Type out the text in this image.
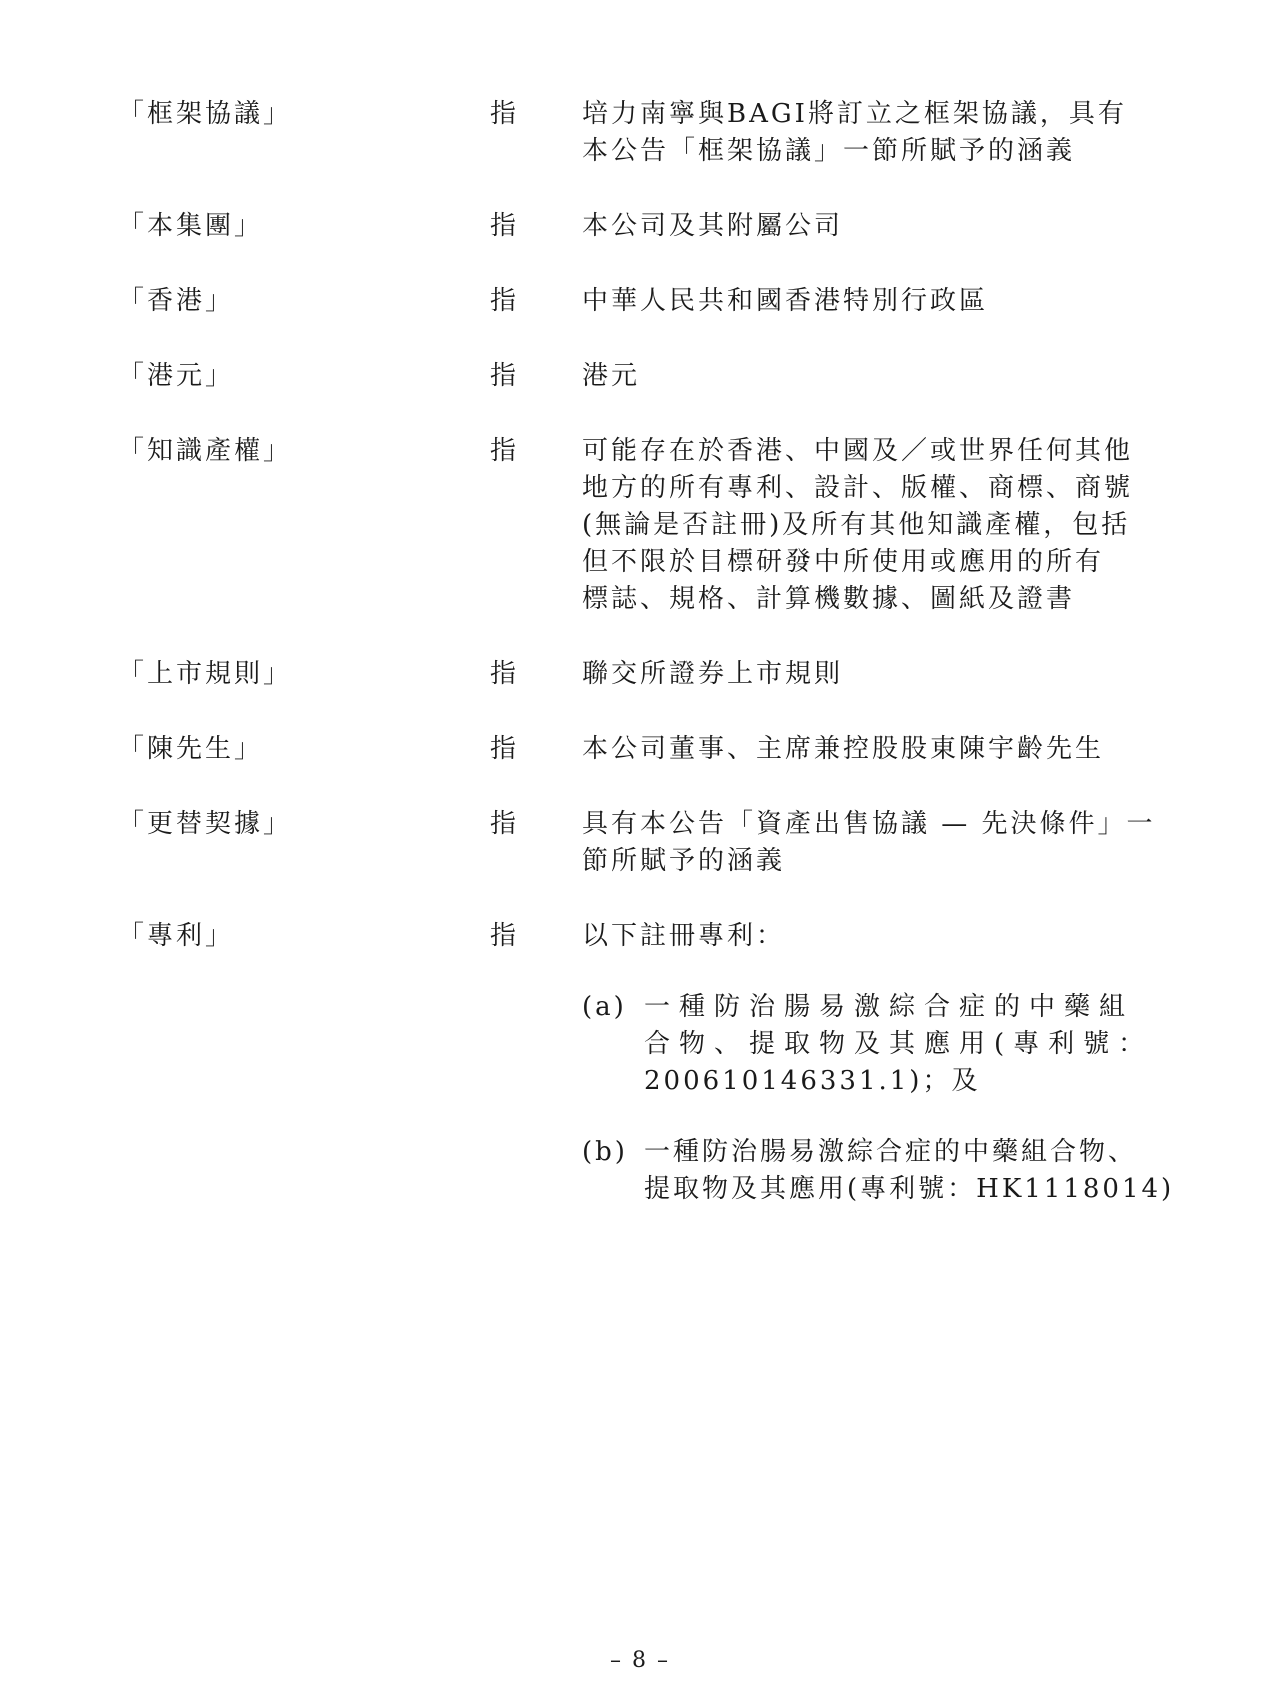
「框架協議」	指	培力南寧與BAGI將訂立之框架協議，具有
本公告「框架協議」一節所賦予的涵義
「本集團」	指	本公司及其附屬公司
「香港」	指	中華人民共和國香港特別行政區
「港元」	指	港元
「知識產權」	指	可能存在於香港、中國及／或世界任何其他
地方的所有專利、設計、版權、商標、商號
(無論是否註冊)及所有其他知識產權，包括
但不限於目標研發中所使用或應用的所有
標誌、規格、計算機數據、圖紙及證書
「上市規則」	指	聯交所證券上市規則
「陳先生」	指	本公司董事、主席兼控股股東陳宇齡先生
「更替契據」	指	具有本公告「資產出售協議 — 先決條件」一
節所賦予的涵義
「專利」	指	以下註冊專利：
(a) 一種防治腸易激綜合症的中藥組
合物、提取物及其應用(專利號：
200610146331.1)；及
(b) 一種防治腸易激綜合症的中藥組合物、
提取物及其應用(專利號：HK1118014)
– 8 –
